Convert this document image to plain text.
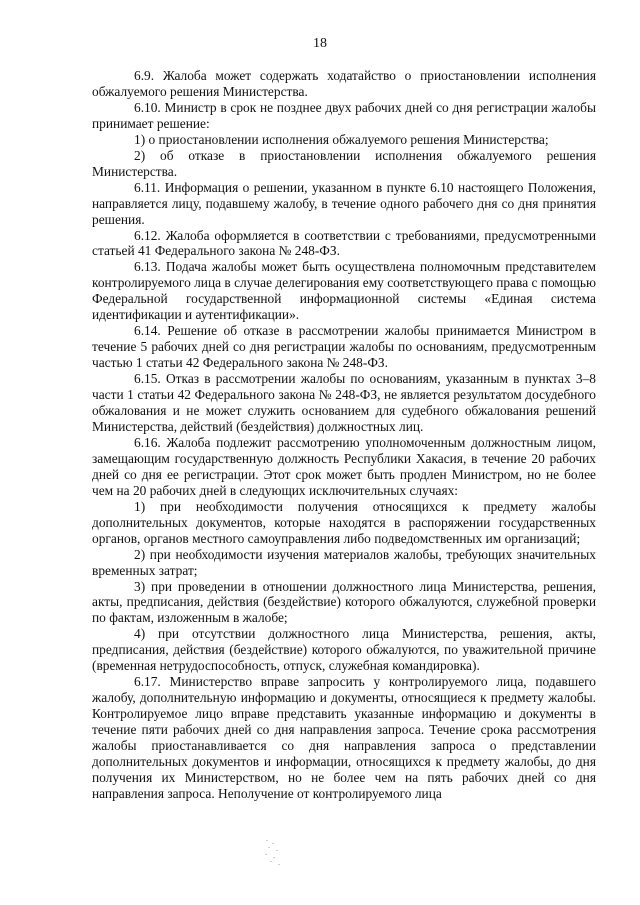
18

6.9. Жалоба может содержать ходатайство о приостановлении исполнения обжалуемого решения Министерства.

6.10. Министр в срок не позднее двух рабочих дней со дня регистрации жалобы принимает решение:

1) о приостановлении исполнения обжалуемого решения Министерства;

2) об отказе в приостановлении исполнения обжалуемого решения Министерства.

6.11. Информация о решении, указанном в пункте 6.10 настоящего Положения, направляется лицу, подавшему жалобу, в течение одного рабочего дня со дня принятия решения.

6.12. Жалоба оформляется в соответствии с требованиями, предусмотренными статьей 41 Федерального закона № 248-ФЗ.

6.13. Подача жалобы может быть осуществлена полномочным представителем контролируемого лица в случае делегирования ему соответствующего права с помощью Федеральной государственной информационной системы «Единая система идентификации и аутентификации».

6.14. Решение об отказе в рассмотрении жалобы принимается Министром в течение 5 рабочих дней со дня регистрации жалобы по основаниям, предусмотренным частью 1 статьи 42 Федерального закона № 248-ФЗ.

6.15. Отказ в рассмотрении жалобы по основаниям, указанным в пунктах 3–8 части 1 статьи 42 Федерального закона № 248-ФЗ, не является результатом досудебного обжалования и не может служить основанием для судебного обжалования решений Министерства, действий (бездействия) должностных лиц.

6.16. Жалоба подлежит рассмотрению уполномоченным должностным лицом, замещающим государственную должность Республики Хакасия, в течение 20 рабочих дней со дня ее регистрации. Этот срок может быть продлен Министром, но не более чем на 20 рабочих дней в следующих исключительных случаях:

1) при необходимости получения относящихся к предмету жалобы дополнительных документов, которые находятся в распоряжении государственных органов, органов местного самоуправления либо подведомственных им организаций;

2) при необходимости изучения материалов жалобы, требующих значительных временных затрат;

3) при проведении в отношении должностного лица Министерства, решения, акты, предписания, действия (бездействие) которого обжалуются, служебной проверки по фактам, изложенным в жалобе;

4) при отсутствии должностного лица Министерства, решения, акты, предписания, действия (бездействие) которого обжалуются, по уважительной причине (временная нетрудоспособность, отпуск, служебная командировка).

6.17. Министерство вправе запросить у контролируемого лица, подавшего жалобу, дополнительную информацию и документы, относящиеся к предмету жалобы. Контролируемое лицо вправе представить указанные информацию и документы в течение пяти рабочих дней со дня направления запроса. Течение срока рассмотрения жалобы приостанавливается со дня направления запроса о представлении дополнительных документов и информации, относящихся к предмету жалобы, до дня получения их Министерством, но не более чем на пять рабочих дней со дня направления запроса. Неполучение от контролируемого лица
